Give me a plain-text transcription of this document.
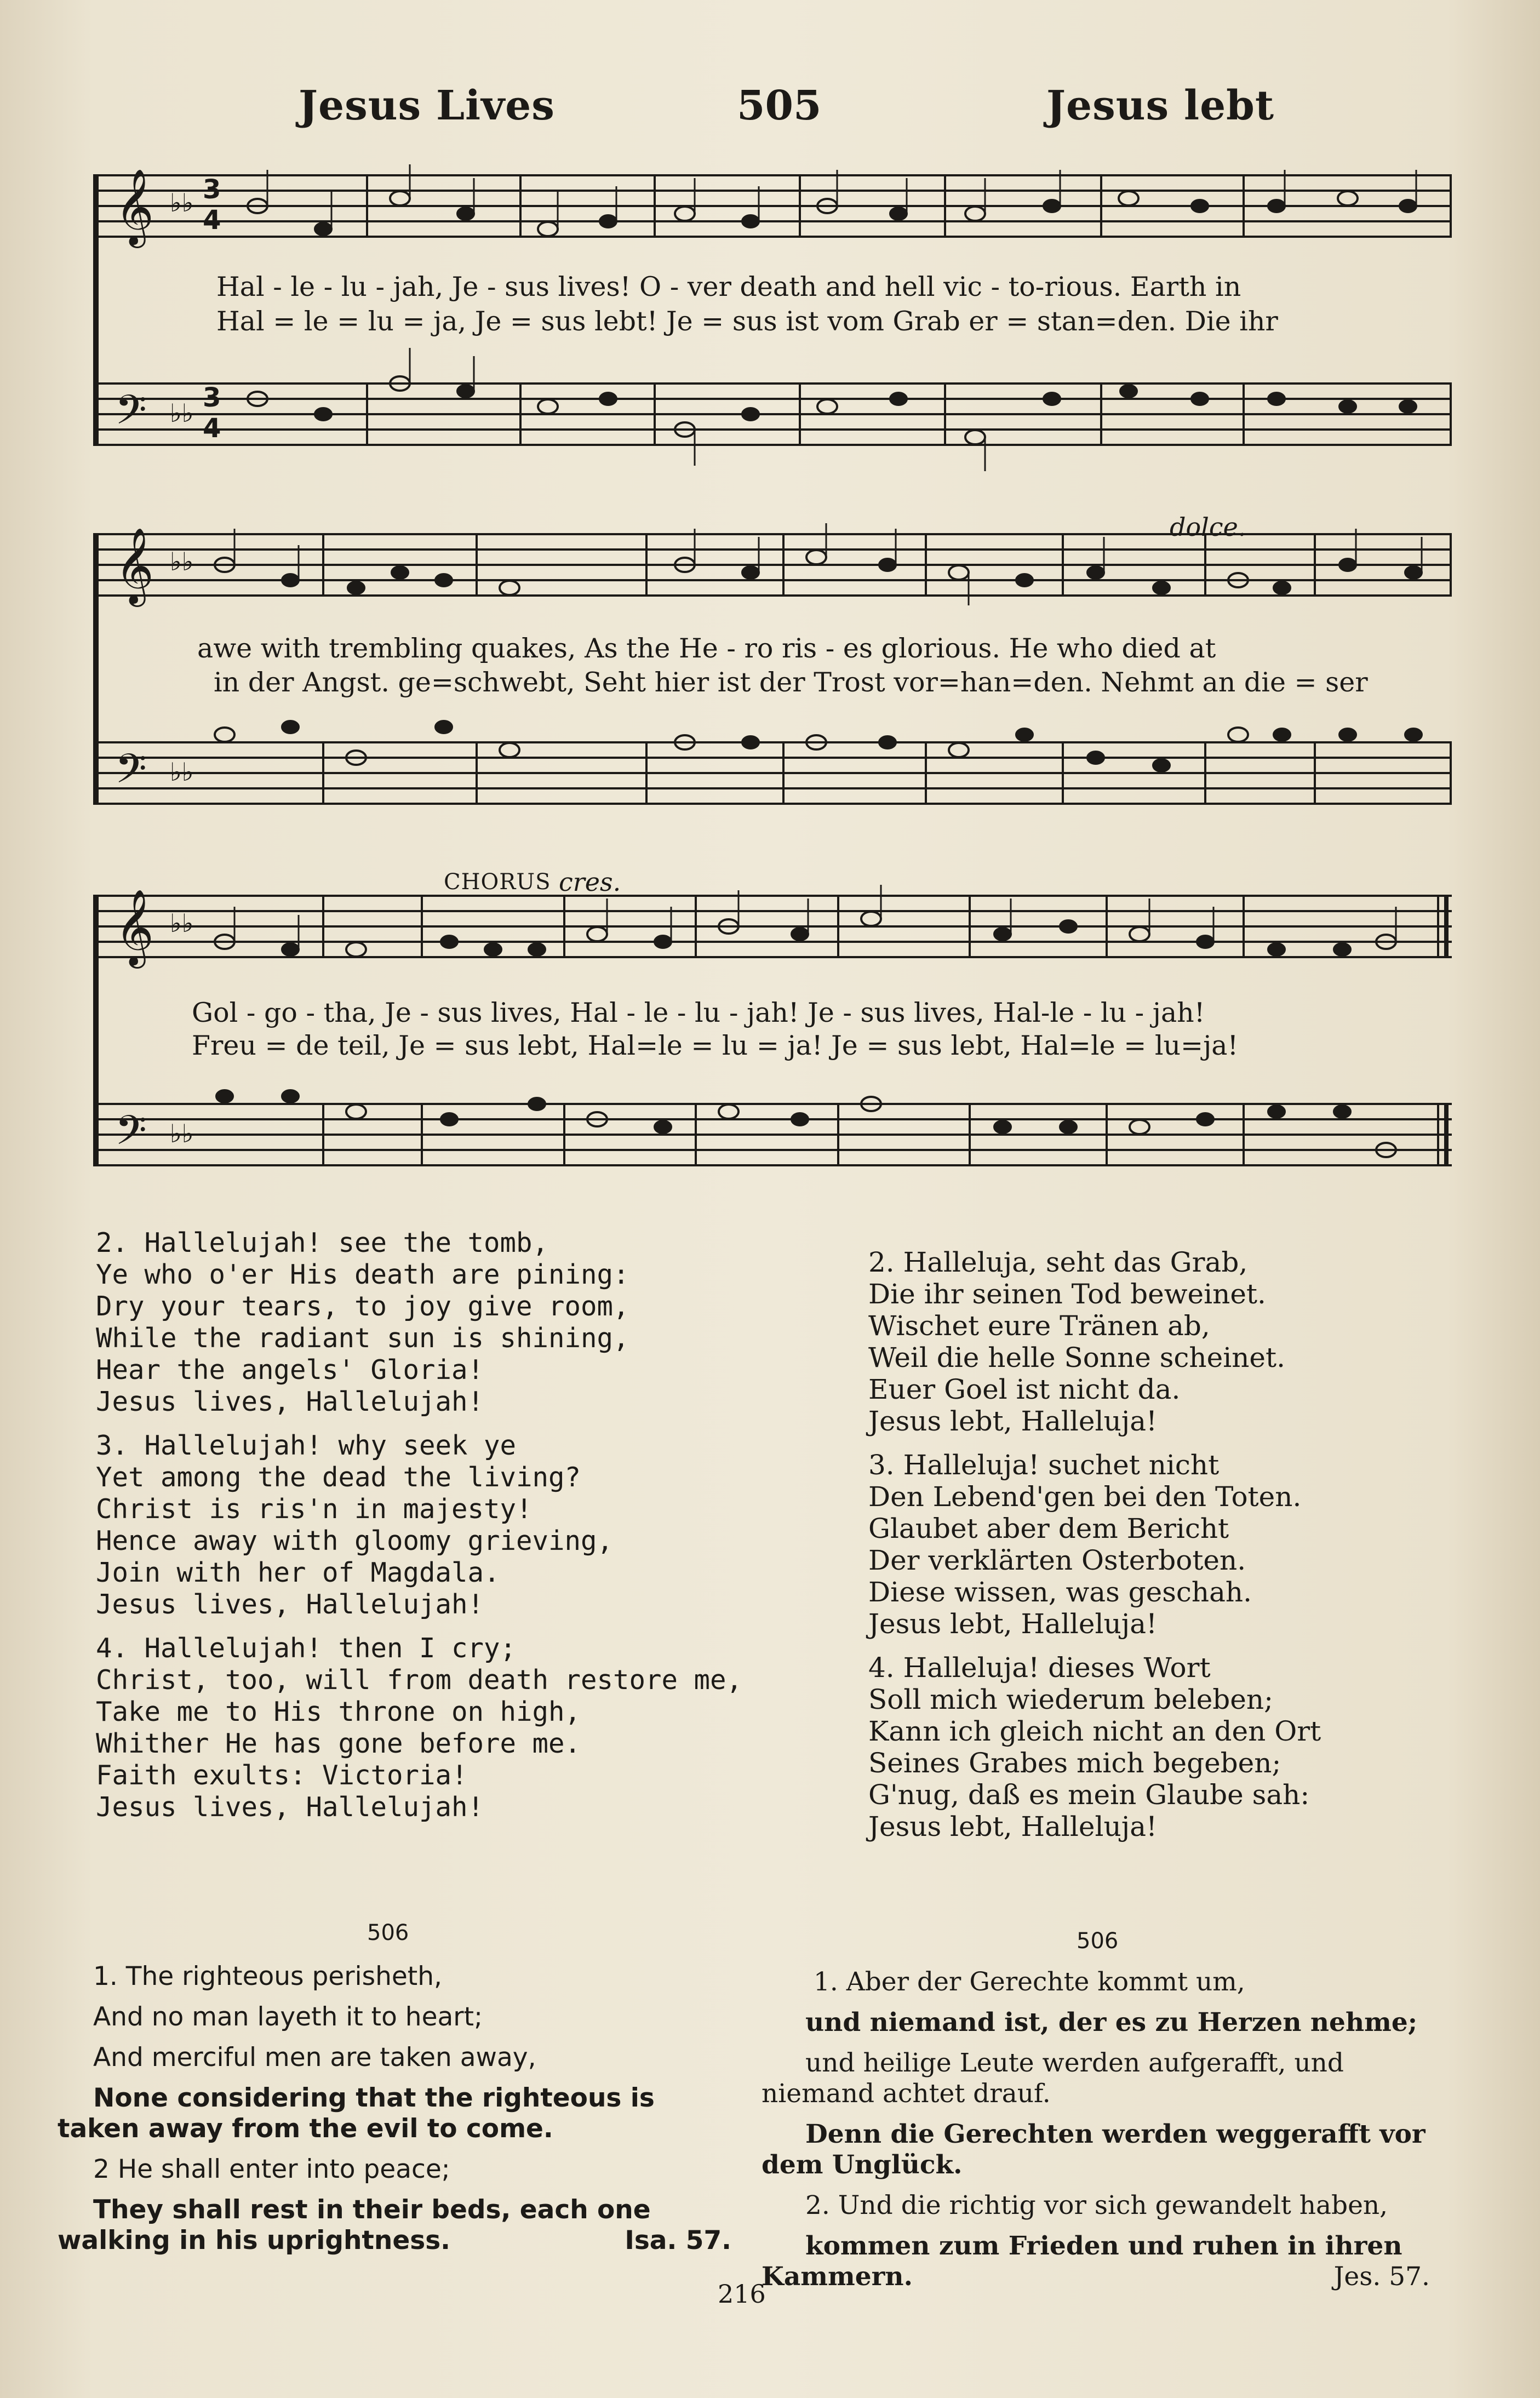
Jesus Lives	505	Jesus lebt
𝄞
𝄢
3
4
3
4
♭♭
♭♭
Hal - le - lu - jah, Je - sus lives! O - ver death and hell vic - to-rious. Earth in
Hal = le = lu = ja, Je = sus lebt! Je = sus ist vom Grab er = stan=den. Die ihr
𝄞
𝄢
♭♭
♭♭
dolce.
awe with trembling quakes, As the He - ro ris - es glorious. He who died at
in der Angst. ge=schwebt, Seht hier ist der Trost vor=han=den. Nehmt an die = ser
𝄞
𝄢
♭♭
♭♭
CHORUS cres.
Gol - go - tha, Je - sus lives, Hal - le - lu - jah! Je - sus lives, Hal-le - lu - jah!
Freu = de teil, Je = sus lebt, Hal=le = lu = ja! Je = sus lebt, Hal=le = lu=ja!
2. Hallelujah! see the tomb,
Ye who o'er His death are pining:
Dry your tears, to joy give room,
While the radiant sun is shining,
Hear the angels' Gloria!
Jesus lives, Hallelujah!
3. Hallelujah! why seek ye
Yet among the dead the living?
Christ is ris'n in majesty!
Hence away with gloomy grieving,
Join with her of Magdala.
Jesus lives, Hallelujah!
4. Hallelujah! then I cry;
Christ, too, will from death restore me,
Take me to His throne on high,
Whither He has gone before me.
Faith exults: Victoria!
Jesus lives, Hallelujah!
2. Halleluja, seht das Grab,
Die ihr seinen Tod beweinet.
Wischet eure Tränen ab,
Weil die helle Sonne scheinet.
Euer Goel ist nicht da.
Jesus lebt, Halleluja!
3. Halleluja! suchet nicht
Den Lebend'gen bei den Toten.
Glaubet aber dem Bericht
Der verklärten Osterboten.
Diese wissen, was geschah.
Jesus lebt, Halleluja!
4. Halleluja! dieses Wort
Soll mich wiederum beleben;
Kann ich gleich nicht an den Ort
Seines Grabes mich begeben;
G'nug, daß es mein Glaube sah:
Jesus lebt, Halleluja!
506

1. The righteous perisheth,

And no man layeth it to heart;

And merciful men are taken away,

None considering that the righteous is taken away from the evil to come.

2 He shall enter into peace;

They shall rest in their beds, each one walking in his uprightness.	Isa. 57.

506

1. Aber der Gerechte kommt um,

und niemand ist, der es zu Herzen nehme;

und heilige Leute werden aufgerafft, und niemand achtet drauf.

Denn die Gerechten werden weggerafft vor dem Unglück.

2. Und die richtig vor sich gewandelt haben,

kommen zum Frieden und ruhen in ihren Kammern.	Jes. 57.

216
